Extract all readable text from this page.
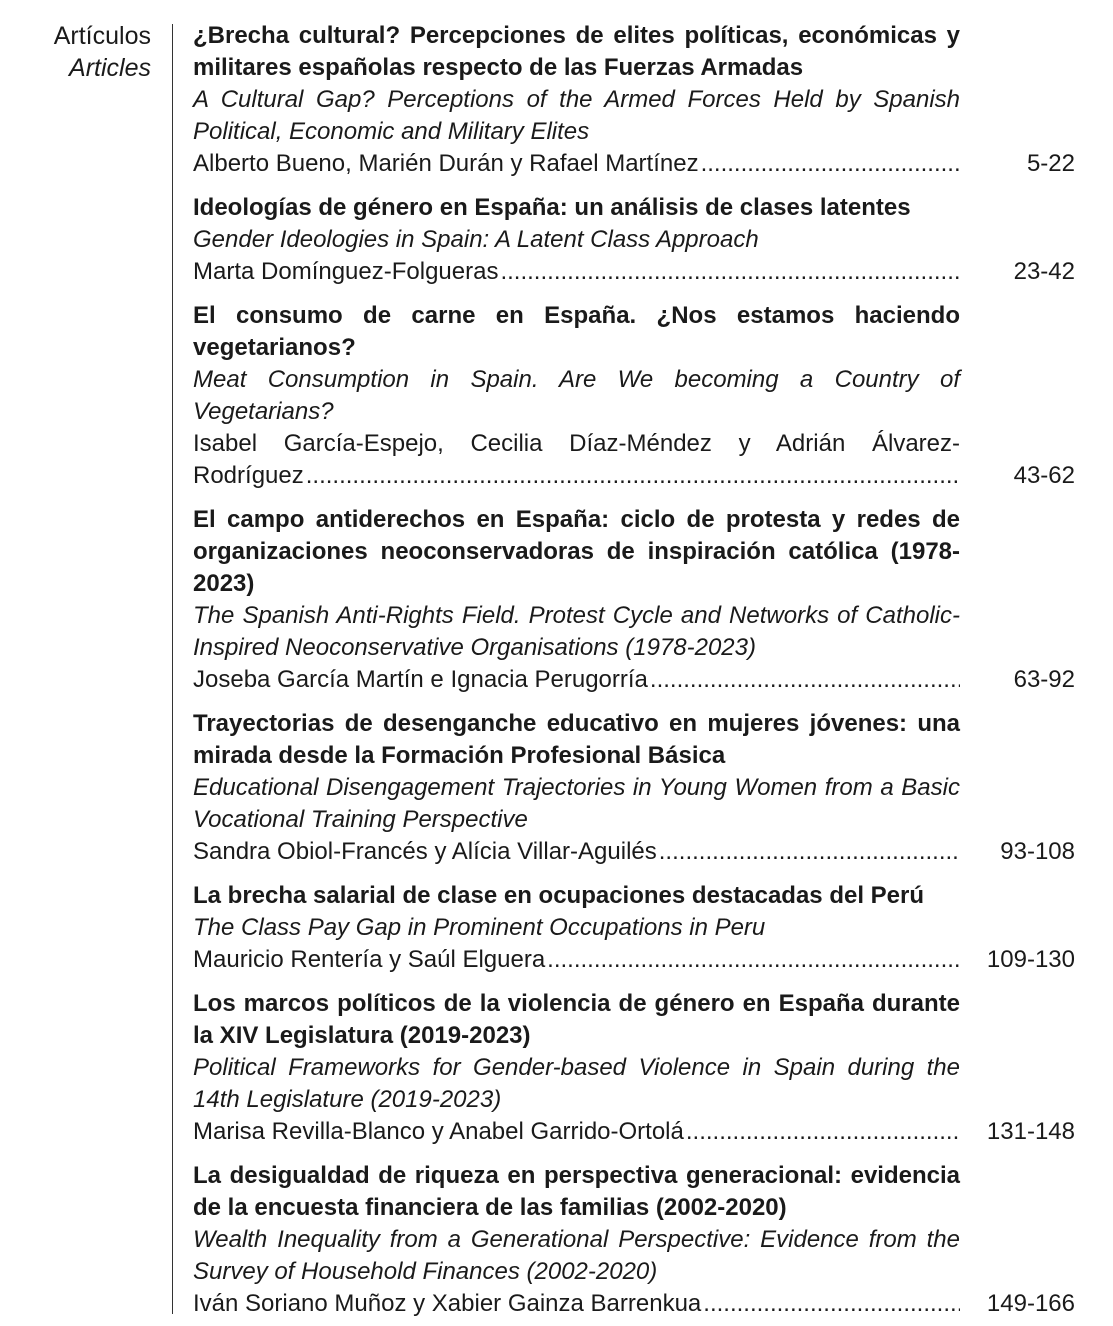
Artículos
Articles
¿Brecha cultural? Percepciones de elites políticas, económicas y militares españolas respecto de las Fuerzas Armadas
A Cultural Gap? Perceptions of the Armed Forces Held by Spanish Political, Economic and Military Elites
Alberto Bueno, Marién Durán y Rafael Martínez .....	5-22
Ideologías de género en España: un análisis de clases latentes
Gender Ideologies in Spain: A Latent Class Approach
Marta Domínguez-Folgueras .....	23-42
El consumo de carne en España. ¿Nos estamos haciendo vegetarianos?
Meat Consumption in Spain. Are We becoming a Country of Vegetarians?
Isabel García-Espejo, Cecilia Díaz-Méndez y Adrián Álvarez-
Rodríguez .....	43-62
El campo antiderechos en España: ciclo de protesta y redes de organizaciones neoconservadoras de inspiración católica (1978-2023)
The Spanish Anti-Rights Field. Protest Cycle and Networks of Catholic-Inspired Neoconservative Organisations (1978-2023)
Joseba García Martín e Ignacia Perugorría .....	63-92
Trayectorias de desenganche educativo en mujeres jóvenes: una mirada desde la Formación Profesional Básica
Educational Disengagement Trajectories in Young Women from a Basic Vocational Training Perspective
Sandra Obiol-Francés y Alícia Villar-Aguilés .....	93-108
La brecha salarial de clase en ocupaciones destacadas del Perú
The Class Pay Gap in Prominent Occupations in Peru
Mauricio Rentería y Saúl Elguera .....	109-130
Los marcos políticos de la violencia de género en España durante la XIV Legislatura (2019-2023)
Political Frameworks for Gender-based Violence in Spain during the 14th Legislature (2019-2023)
Marisa Revilla-Blanco y Anabel Garrido-Ortolá .....	131-148
La desigualdad de riqueza en perspectiva generacional: evidencia de la encuesta financiera de las familias (2002-2020)
Wealth Inequality from a Generational Perspective: Evidence from the Survey of Household Finances (2002-2020)
Iván Soriano Muñoz y Xabier Gainza Barrenkua .....	149-166
